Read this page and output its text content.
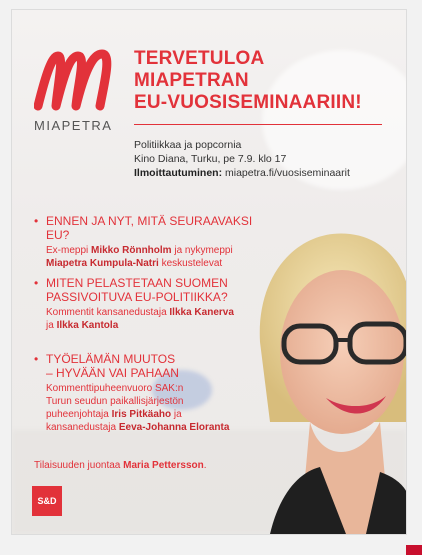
MIAPETRA
TERVETULOA
MIAPETRAN
EU-VUOSISEMINAARIIN!
Politiikkaa ja popcornia
Kino Diana, Turku, pe 7.9. klo 17
Ilmoittautuminen: miapetra.fi/vuosiseminaarit
• ENNEN JA NYT, MITÄ SEURAAVAKSI EU?
Ex-meppi Mikko Rönnholm ja nykymeppi
Miapetra Kumpula-Natri keskustelevat
• MITEN PELASTETAAN SUOMEN
PASSIVOITUVA EU-POLITIIKKA?
Kommentit kansanedustaja Ilkka Kanerva
ja Ilkka Kantola
• TYÖELÄMÄN MUUTOS
– HYVÄÄN VAI PAHAAN
Kommenttipuheenvuoro SAK:n
Turun seudun paikallisjärjestön
puheenjohtaja Iris Pitkäaho ja
kansanedustaja Eeva-Johanna Eloranta
Tilaisuuden juontaa Maria Pettersson.
S&D
